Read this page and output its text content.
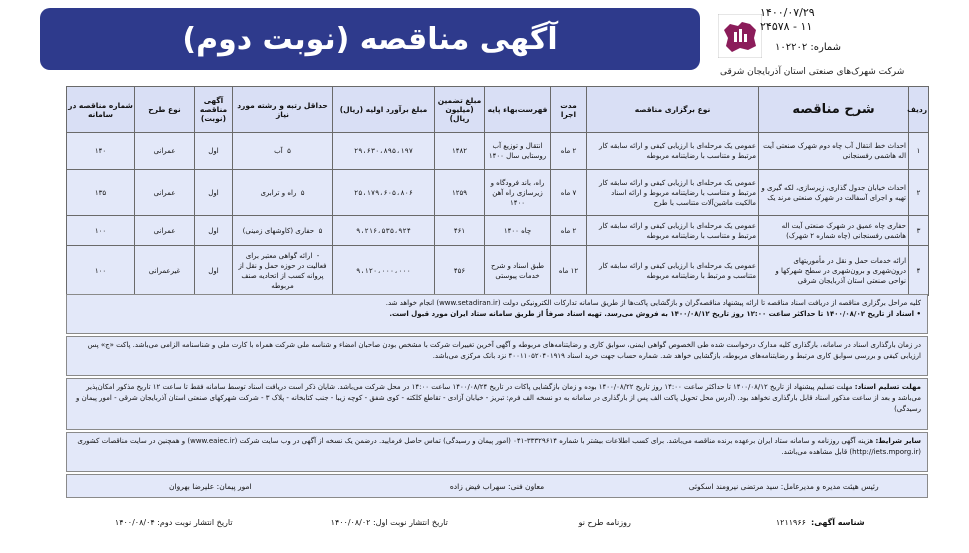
آگهی مناقصه (نوبت دوم)
۱۴۰۰/۰۷/۲۹
۲۴۵۷۸ - ۱۱
شماره: ۱۰۲۲۰۲
شرکت شهرک‌های صنعتی استان آذربایجان شرقی
ردیف	شرح مناقصه	نوع برگزاری مناقصه	مدت اجرا	فهرست‌بهاء پایه	مبلغ تضمین (میلیون ریال)	مبلغ برآورد اولیه (ریال)	حداقل رتبه و رشته مورد نیاز	آگهی مناقصه (نوبت)	نوع طرح	شماره مناقصه در سامانه
۱	احداث خط انتقال آب چاه دوم شهرک صنعتی آیت اله هاشمی رفسنجانی	عمومی یک مرحله‌ای با ارزیابی کیفی و ارائه سابقه کار مرتبط و متناسب با رضایتنامه مربوطه	۲ ماه	انتقال و توزیع آب روستایی سال ۱۴۰۰	۱۴۸۲	۲۹،۶۳۰،۸۹۵،۱۹۷	۵  آب	اول	عمرانی	۱۴۰
۲	احداث خیابان جدول گذاری، زیرسازی، لکه گیری و تهیه و اجرای آسفالت در شهرک صنعتی مرند یک	عمومی یک مرحله‌ای با ارزیابی کیفی و ارائه سابقه کار مرتبط و متناسب با رضایتنامه مربوط و ارائه اسناد مالکیت ماشین‌آلات متناسب با طرح	۷ ماه	راه، باند فرودگاه و زیرسازی راه آهن ۱۴۰۰	۱۲۵۹	۲۵،۱۷۹،۶۰۵،۸۰۶	۵  راه و ترابری	اول	عمرانی	۱۳۵
۳	حفاری چاه عمیق در شهرک صنعتی آیت اله هاشمی رفسنجانی (چاه شماره ۲ شهرک)	عمومی یک مرحله‌ای با ارزیابی کیفی و ارائه سابقه کار مرتبط و متناسب با رضایتنامه مربوطه	۲ ماه	چاه ۱۴۰۰	۴۶۱	۹،۲۱۶،۵۳۵،۹۲۴	۵  حفاری (کاوشهای زمینی)	اول	عمرانی	۱۰۰
۴	ارائه خدمات حمل و نقل در مأموریتهای درون‌شهری و برون‌شهری در سطح شهرکها و نواحی صنعتی استان آذربایجان شرقی	عمومی یک مرحله‌ای با ارزیابی کیفی و ارائه سابقه کار متناسب و مرتبط با رضایتنامه مربوطه	۱۲ ماه	طبق اسناد و شرح خدمات پیوستی	۴۵۶	۹،۱۲۰،۰۰۰،۰۰۰	-  ارائه گواهی معتبر برای فعالیت در حوزه حمل و نقل از پروانه کسب از اتحادیه صنف مربوطه	اول	غیرعمرانی	۱۰۰
کلیه مراحل برگزاری مناقصه از دریافت اسناد مناقصه تا ارائه پیشنهاد مناقصه‌گران و بازگشایی پاکت‌ها از طریق سامانه تدارکات الکترونیکی دولت (www.setadiran.ir) انجام خواهد شد.
• اسناد از تاریخ ۱۴۰۰/۰۸/۰۲ تا حداکثر ساعت ۱۲:۰۰ روز تاریخ ۱۴۰۰/۰۸/۱۲ به فروش می‌رسد. تهیه اسناد صرفاً از طریق سامانه ستاد ایران مورد قبول است.
در زمان بارگذاری اسناد در سامانه، بارگذاری کلیه مدارک درخواست شده طی الخصوص گواهی ایمنی، سوابق کاری و رضایتنامه‌های مربوطه و آگهی آخرین تغییرات شرکت با مشخص بودن صاحبان امضاء و شناسه ملی شرکت همراه با کارت ملی و شناسنامه الزامی می‌باشد. پاکت «ج» پس ارزیابی کیفی و بررسی سوابق کاری مرتبط و رضایتنامه‌های مربوطه، بازگشایی خواهد شد. شماره حساب جهت خرید اسناد ۴۰۰۱۱۰۵۲۰۴۰۱۹۱۹ نزد بانک مرکزی می‌باشد.
مهلت تسلیم اسناد: مهلت تسلیم پیشنهاد از تاریخ ۱۴۰۰/۰۸/۱۲ تا حداکثر ساعت ۱۴:۰۰ روز تاریخ ۱۴۰۰/۰۸/۲۲ بوده و زمان بازگشایی پاکات در تاریخ ۱۴۰۰/۰۸/۲۴ ساعت ۱۴:۰۰ در محل شرکت می‌باشد. شایان ذکر است دریافت اسناد توسط سامانه فقط تا ساعت ۱۲ تاریخ مذکور امکان‌پذیر می‌باشد و بعد از ساعت مذکور اسناد قابل بارگذاری نخواهد بود. (آدرس محل تحویل پاکت الف پس از بارگذاری در سامانه به دو نسخه الف فرم: تبریز - خیابان آزادی - تقاطع کلکته - کوی شفق - کوچه زیبا - جنب کتابخانه - پلاک ۳ - شرکت شهرکهای صنعتی استان آذربایجان شرقی - امور پیمان و رسیدگی)
سایر شرایط: هزینه آگهی روزنامه و سامانه ستاد ایران برعهده برنده مناقصه می‌باشد. برای کسب اطلاعات بیشتر با شماره ۳۳۳۲۹۶۱۴-۰۴۱ (امور پیمان و رسیدگی) تماس حاصل فرمایید. درضمن یک نسخه از آگهی در وب سایت شرکت (www.eaiec.ir) و همچنین در سایت مناقصات کشوری (http://iets.mporg.ir) قابل مشاهده می‌باشد.
رئیس هیئت مدیره و مدیرعامل: سید مرتضی نیرومند اسکوئی
معاون فنی: سهراب فیض زاده
امور پیمان: علیرضا بهروان
شناسه آگهی:  ۱۲۱۱۹۶۶
روزنامه طرح نو
تاریخ انتشار نوبت اول: ۱۴۰۰/۰۸/۰۲
تاریخ انتشار نوبت دوم: ۱۴۰۰/۰۸/۰۴
